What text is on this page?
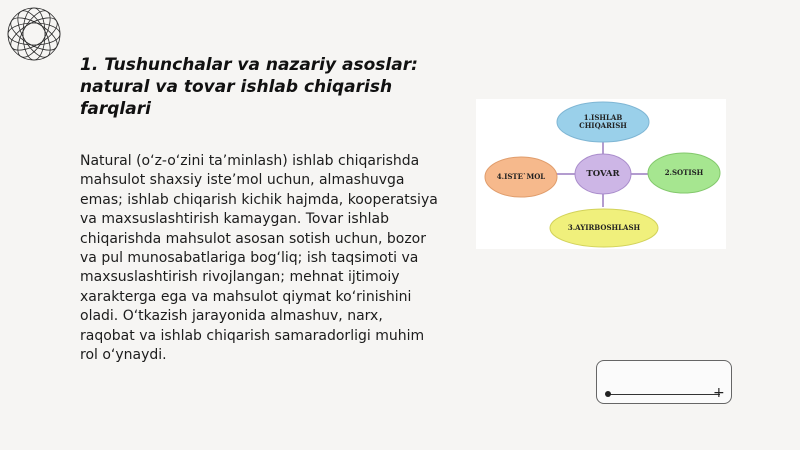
1. Tushunchalar va nazariy asoslar: natural va tovar ishlab chiqarish farqlari

Natural (o‘z-o‘zini ta’minlash) ishlab chiqarishda mahsulot shaxsiy iste’mol uchun, almashuvga emas; ishlab chiqarish kichik hajmda, kooperatsiya va maxsuslashtirish kamaygan. Tovar ishlab chiqarishda mahsulot asosan sotish uchun, bozor va pul munosabatlariga bog‘liq; ish taqsimoti va maxsuslashtirish rivojlangan; mehnat ijtimoiy xarakterga ega va mahsulot qiymat ko‘rinishini oladi. O‘tkazish jarayonida almashuv, narx, raqobat va ishlab chiqarish samaradorligi muhim rol o‘ynaydi.

1.ISHLAB
CHIQARISH
4.ISTE`MOL	TOVAR	2.SOTISH
3.AYIRBOSHLASH
+
